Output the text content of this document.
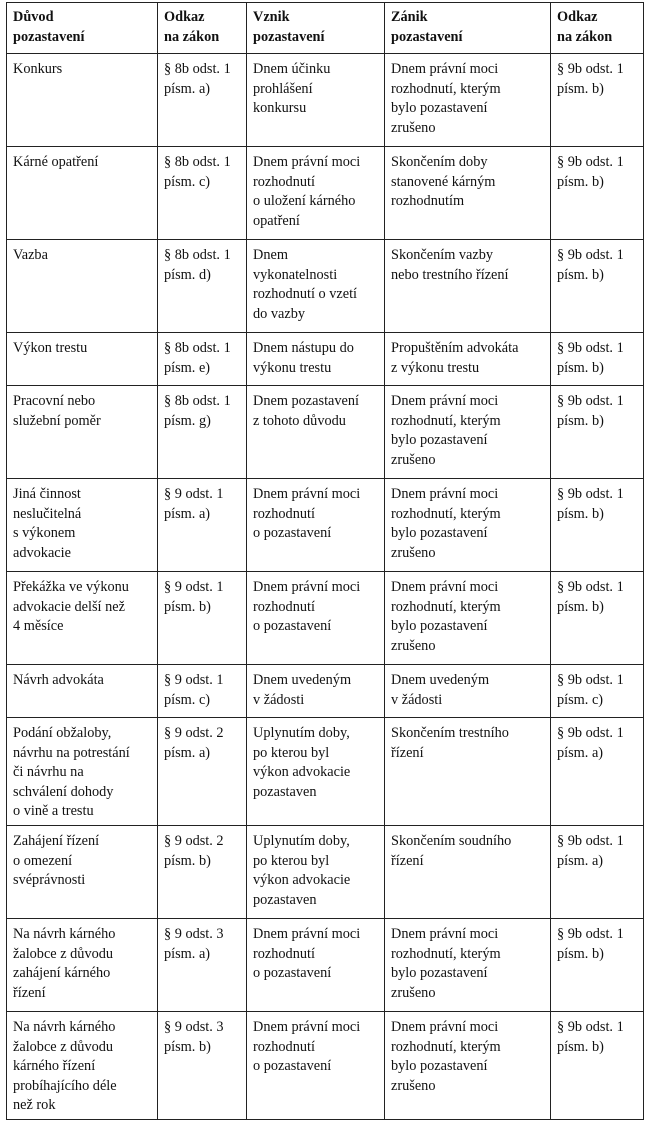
Důvod
pozastavení	Odkaz
na zákon	Vznik
pozastavení	Zánik
pozastavení	Odkaz
na zákon
Konkurs	§ 8b odst. 1
písm. a)	Dnem účinku
prohlášení
konkursu	Dnem právní moci
rozhodnutí, kterým
bylo pozastavení
zrušeno	§ 9b odst. 1
písm. b)
Kárné opatření	§ 8b odst. 1
písm. c)	Dnem právní moci
rozhodnutí
o uložení kárného
opatření	Skončením doby
stanovené kárným
rozhodnutím	§ 9b odst. 1
písm. b)
Vazba	§ 8b odst. 1
písm. d)	Dnem
vykonatelnosti
rozhodnutí o vzetí
do vazby	Skončením vazby
nebo trestního řízení	§ 9b odst. 1
písm. b)
Výkon trestu	§ 8b odst. 1
písm. e)	Dnem nástupu do
výkonu trestu	Propuštěním advokáta
z výkonu trestu	§ 9b odst. 1
písm. b)
Pracovní nebo
služební poměr	§ 8b odst. 1
písm. g)	Dnem pozastavení
z tohoto důvodu	Dnem právní moci
rozhodnutí, kterým
bylo pozastavení
zrušeno	§ 9b odst. 1
písm. b)
Jiná činnost
neslučitelná
s výkonem
advokacie	§ 9 odst. 1
písm. a)	Dnem právní moci
rozhodnutí
o pozastavení	Dnem právní moci
rozhodnutí, kterým
bylo pozastavení
zrušeno	§ 9b odst. 1
písm. b)
Překážka ve výkonu
advokacie delší než
4 měsíce	§ 9 odst. 1
písm. b)	Dnem právní moci
rozhodnutí
o pozastavení	Dnem právní moci
rozhodnutí, kterým
bylo pozastavení
zrušeno	§ 9b odst. 1
písm. b)
Návrh advokáta	§ 9 odst. 1
písm. c)	Dnem uvedeným
v žádosti	Dnem uvedeným
v žádosti	§ 9b odst. 1
písm. c)
Podání obžaloby,
návrhu na potrestání
či návrhu na
schválení dohody
o vině a trestu	§ 9 odst. 2
písm. a)	Uplynutím doby,
po kterou byl
výkon advokacie
pozastaven	Skončením trestního
řízení	§ 9b odst. 1
písm. a)
Zahájení řízení
o omezení
svéprávnosti	§ 9 odst. 2
písm. b)	Uplynutím doby,
po kterou byl
výkon advokacie
pozastaven	Skončením soudního
řízení	§ 9b odst. 1
písm. a)
Na návrh kárného
žalobce z důvodu
zahájení kárného
řízení	§ 9 odst. 3
písm. a)	Dnem právní moci
rozhodnutí
o pozastavení	Dnem právní moci
rozhodnutí, kterým
bylo pozastavení
zrušeno	§ 9b odst. 1
písm. b)
Na návrh kárného
žalobce z důvodu
kárného řízení
probíhajícího déle
než rok	§ 9 odst. 3
písm. b)	Dnem právní moci
rozhodnutí
o pozastavení	Dnem právní moci
rozhodnutí, kterým
bylo pozastavení
zrušeno	§ 9b odst. 1
písm. b)
